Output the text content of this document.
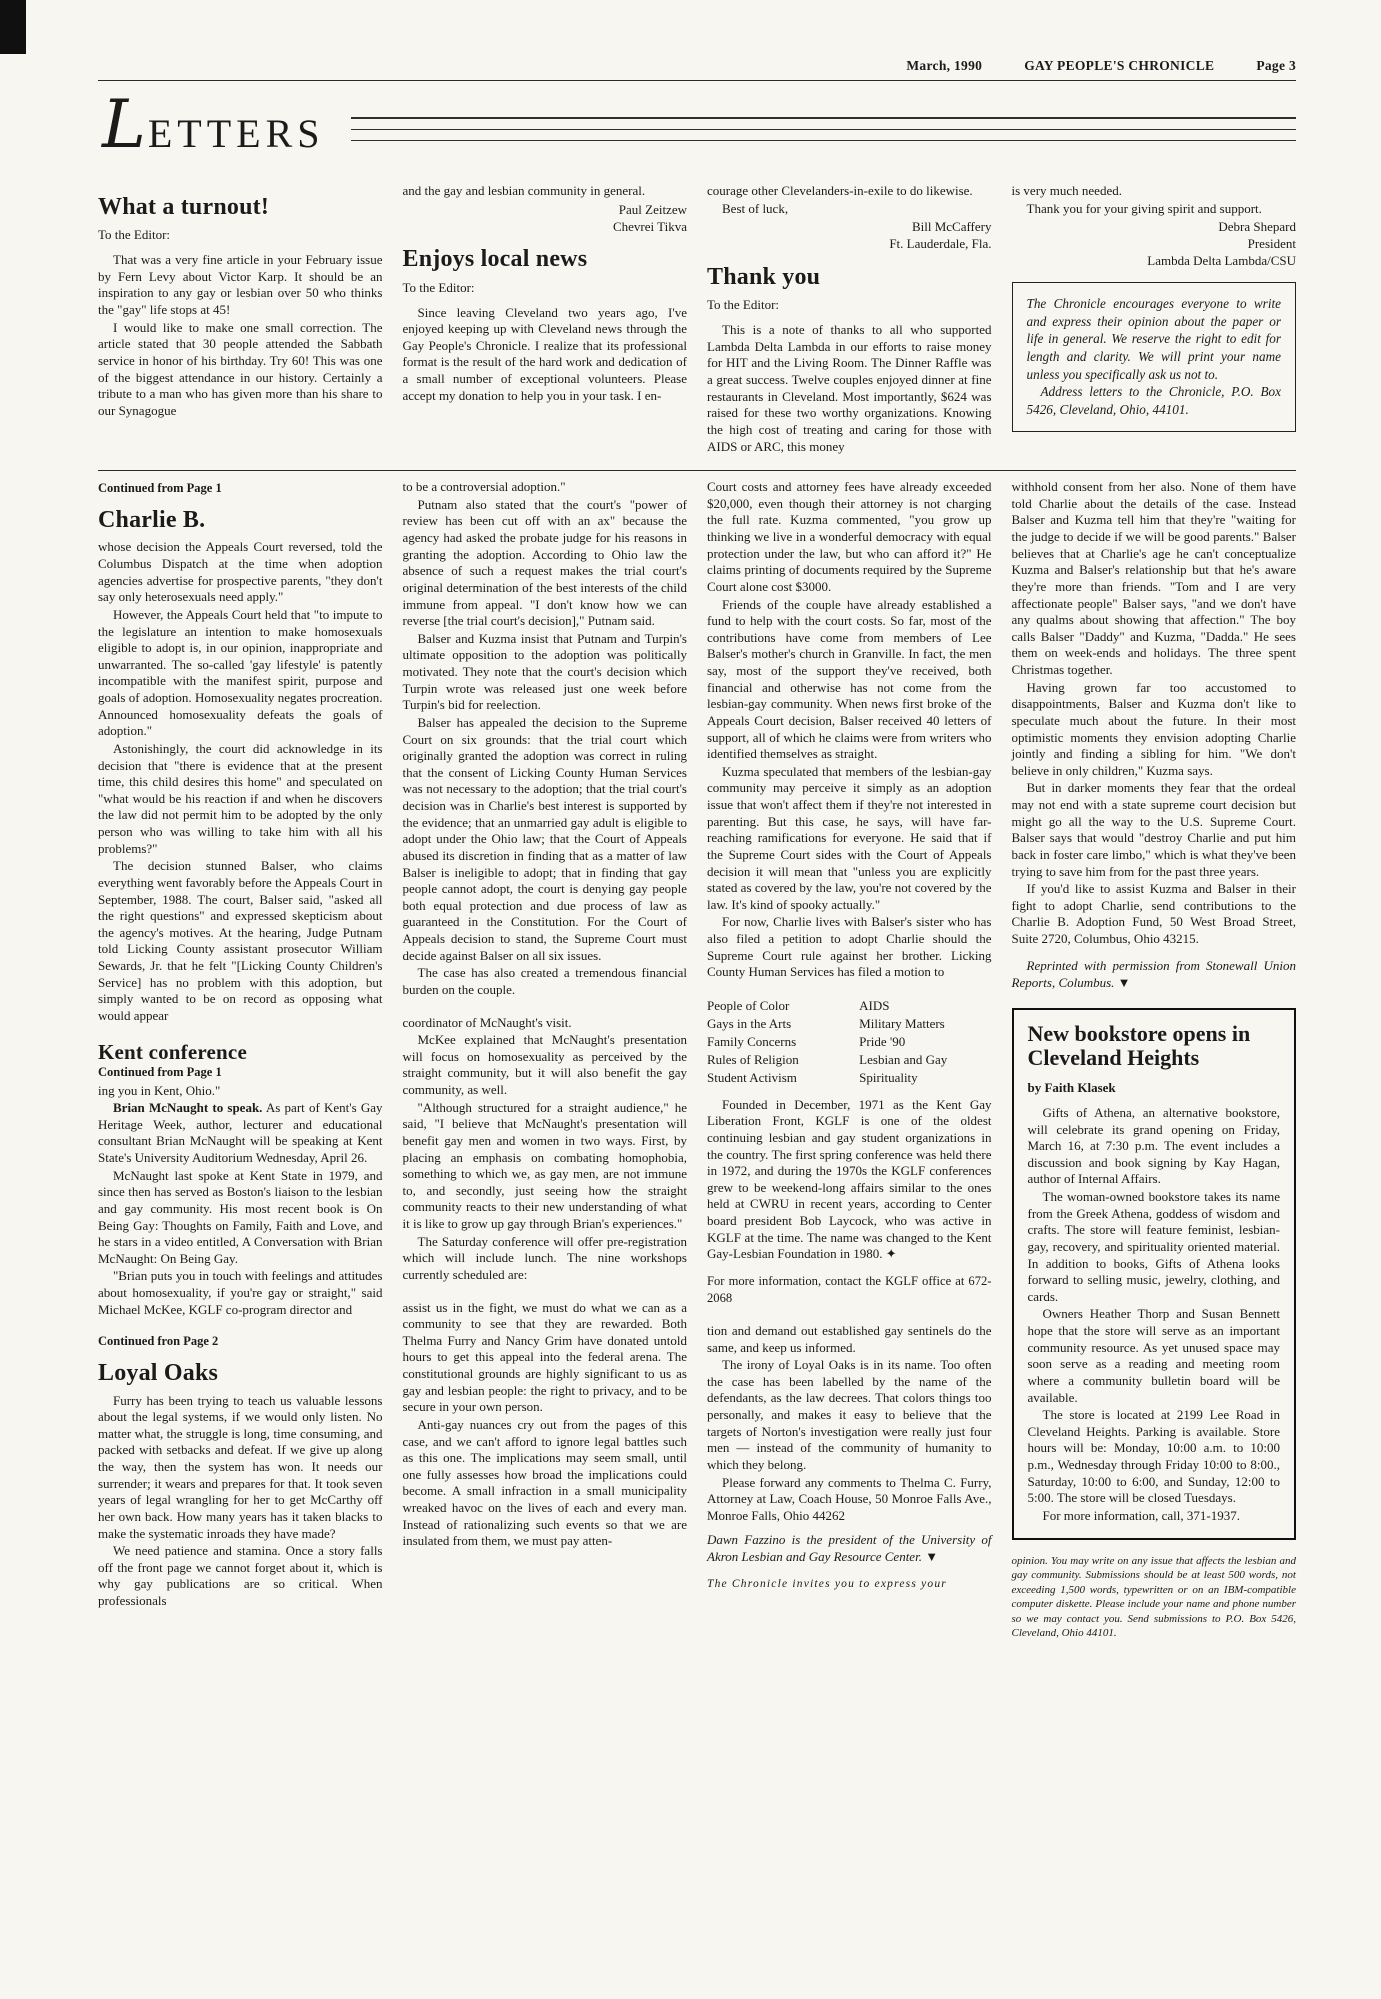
March, 1990	GAY PEOPLE'S CHRONICLE	Page 3
L ETTERS
What a turnout!

To the Editor:

That was a very fine article in your February issue by Fern Levy about Victor Karp. It should be an inspiration to any gay or lesbian over 50 who thinks the "gay" life stops at 45!

I would like to make one small correction. The article stated that 30 people attended the Sabbath service in honor of his birthday. Try 60! This was one of the biggest attendance in our history. Certainly a tribute to a man who has given more than his share to our Synagogue

and the gay and lesbian community in general.

Paul Zeitzew
Chevrei Tikva
Enjoys local news

To the Editor:

Since leaving Cleveland two years ago, I've enjoyed keeping up with Cleveland news through the Gay People's Chronicle. I realize that its professional format is the result of the hard work and dedication of a small number of exceptional volunteers. Please accept my donation to help you in your task. I en-

courage other Clevelanders-in-exile to do likewise.

Best of luck,

Bill McCaffery
Ft. Lauderdale, Fla.
Thank you

To the Editor:

This is a note of thanks to all who supported Lambda Delta Lambda in our efforts to raise money for HIT and the Living Room. The Dinner Raffle was a great success. Twelve couples enjoyed dinner at fine restaurants in Cleveland. Most importantly, $624 was raised for these two worthy organizations. Knowing the high cost of treating and caring for those with AIDS or ARC, this money

is very much needed.

Thank you for your giving spirit and support.

Debra Shepard
President
Lambda Delta Lambda/CSU

The Chronicle encourages everyone to write and express their opinion about the paper or life in general. We reserve the right to edit for length and clarity. We will print your name unless you specifically ask us not to.

Address letters to the Chronicle, P.O. Box 5426, Cleveland, Ohio, 44101.

Continued from Page 1
Charlie B.

whose decision the Appeals Court reversed, told the Columbus Dispatch at the time when adoption agencies advertise for prospective parents, "they don't say only heterosexuals need apply."

However, the Appeals Court held that "to impute to the legislature an intention to make homosexuals eligible to adopt is, in our opinion, inappropriate and unwarranted. The so-called 'gay lifestyle' is patently incompatible with the manifest spirit, purpose and goals of adoption. Homosexuality negates procreation. Announced homosexuality defeats the goals of adoption."

Astonishingly, the court did acknowledge in its decision that "there is evidence that at the present time, this child desires this home" and speculated on "what would be his reaction if and when he discovers the law did not permit him to be adopted by the only person who was willing to take him with all his problems?"

The decision stunned Balser, who claims everything went favorably before the Appeals Court in September, 1988. The court, Balser said, "asked all the right questions" and expressed skepticism about the agency's motives. At the hearing, Judge Putnam told Licking County assistant prosecutor William Sewards, Jr. that he felt "[Licking County Children's Service] has no problem with this adoption, but simply wanted to be on record as opposing what would appear

Kent conference
Continued from Page 1

ing you in Kent, Ohio."

Brian McNaught to speak. As part of Kent's Gay Heritage Week, author, lecturer and educational consultant Brian McNaught will be speaking at Kent State's University Auditorium Wednesday, April 26.

McNaught last spoke at Kent State in 1979, and since then has served as Boston's liaison to the lesbian and gay community. His most recent book is On Being Gay: Thoughts on Family, Faith and Love, and he stars in a video entitled, A Conversation with Brian McNaught: On Being Gay.

"Brian puts you in touch with feelings and attitudes about homosexuality, if you're gay or straight," said Michael McKee, KGLF co-program director and

Continued fron Page 2
Loyal Oaks

Furry has been trying to teach us valuable lessons about the legal systems, if we would only listen. No matter what, the struggle is long, time consuming, and packed with setbacks and defeat. If we give up along the way, then the system has won. It needs our surrender; it wears and prepares for that. It took seven years of legal wrangling for her to get McCarthy off her own back. How many years has it taken blacks to make the systematic inroads they have made?

We need patience and stamina. Once a story falls off the front page we cannot forget about it, which is why gay publications are so critical. When professionals

to be a controversial adoption."

Putnam also stated that the court's "power of review has been cut off with an ax" because the agency had asked the probate judge for his reasons in granting the adoption. According to Ohio law the absence of such a request makes the trial court's original determination of the best interests of the child immune from appeal. "I don't know how we can reverse [the trial court's decision]," Putnam said.

Balser and Kuzma insist that Putnam and Turpin's ultimate opposition to the adoption was politically motivated. They note that the court's decision which Turpin wrote was released just one week before Turpin's bid for reelection.

Balser has appealed the decision to the Supreme Court on six grounds: that the trial court which originally granted the adoption was correct in ruling that the consent of Licking County Human Services was not necessary to the adoption; that the trial court's decision was in Charlie's best interest is supported by the evidence; that an unmarried gay adult is eligible to adopt under the Ohio law; that the Court of Appeals abused its discretion in finding that as a matter of law Balser is ineligible to adopt; that in finding that gay people cannot adopt, the court is denying gay people both equal protection and due process of law as guaranteed in the Constitution. For the Court of Appeals decision to stand, the Supreme Court must decide against Balser on all six issues.

The case has also created a tremendous financial burden on the couple.

coordinator of McNaught's visit.

McKee explained that McNaught's presentation will focus on homosexuality as perceived by the straight community, but it will also benefit the gay community, as well.

"Although structured for a straight audience," he said, "I believe that McNaught's presentation will benefit gay men and women in two ways. First, by placing an emphasis on combating homophobia, something to which we, as gay men, are not immune to, and secondly, just seeing how the straight community reacts to their new understanding of what it is like to grow up gay through Brian's experiences."

The Saturday conference will offer pre-registration which will include lunch. The nine workshops currently scheduled are:

assist us in the fight, we must do what we can as a community to see that they are rewarded. Both Thelma Furry and Nancy Grim have donated untold hours to get this appeal into the federal arena. The constitutional grounds are highly significant to us as gay and lesbian people: the right to privacy, and to be secure in your own person.

Anti-gay nuances cry out from the pages of this case, and we can't afford to ignore legal battles such as this one. The implications may seem small, until one fully assesses how broad the implications could become. A small infraction in a small municipality wreaked havoc on the lives of each and every man. Instead of rationalizing such events so that we are insulated from them, we must pay atten-

Court costs and attorney fees have already exceeded $20,000, even though their attorney is not charging the full rate. Kuzma commented, "you grow up thinking we live in a wonderful democracy with equal protection under the law, but who can afford it?" He claims printing of documents required by the Supreme Court alone cost $3000.

Friends of the couple have already established a fund to help with the court costs. So far, most of the contributions have come from members of Lee Balser's mother's church in Granville. In fact, the men say, most of the support they've received, both financial and otherwise has not come from the lesbian-gay community. When news first broke of the Appeals Court decision, Balser received 40 letters of support, all of which he claims were from writers who identified themselves as straight.

Kuzma speculated that members of the lesbian-gay community may perceive it simply as an adoption issue that won't affect them if they're not interested in parenting. But this case, he says, will have far-reaching ramifications for everyone. He said that if the Supreme Court sides with the Court of Appeals decision it will mean that "unless you are explicitly stated as covered by the law, you're not covered by the law. It's kind of spooky actually."

For now, Charlie lives with Balser's sister who has also filed a petition to adopt Charlie should the Supreme Court rule against her brother. Licking County Human Services has filed a motion to

People of Color	AIDS
Gays in the Arts	Military Matters
Family Concerns	Pride '90
Rules of Religion	Lesbian and Gay
Student Activism	Spirituality

Founded in December, 1971 as the Kent Gay Liberation Front, KGLF is one of the oldest continuing lesbian and gay student organizations in the country. The first spring conference was held there in 1972, and during the 1970s the KGLF conferences grew to be weekend-long affairs similar to the ones held at CWRU in recent years, according to Center board president Bob Laycock, who was active in KGLF at the time. The name was changed to the Kent Gay-Lesbian Foundation in 1980. ✦

For more information, contact the KGLF office at 672-2068

tion and demand out established gay sentinels do the same, and keep us informed.

The irony of Loyal Oaks is in its name. Too often the case has been labelled by the name of the defendants, as the law decrees. That colors things too personally, and makes it easy to believe that the targets of Norton's investigation were really just four men — instead of the community of humanity to which they belong.

Please forward any comments to Thelma C. Furry, Attorney at Law, Coach House, 50 Monroe Falls Ave., Monroe Falls, Ohio 44262

Dawn Fazzino is the president of the University of Akron Lesbian and Gay Resource Center. ▼

The Chronicle invites you to express your

withhold consent from her also. None of them have told Charlie about the details of the case. Instead Balser and Kuzma tell him that they're "waiting for the judge to decide if we will be good parents." Balser believes that at Charlie's age he can't conceptualize Kuzma and Balser's relationship but that he's aware they're more than friends. "Tom and I are very affectionate people" Balser says, "and we don't have any qualms about showing that affection." The boy calls Balser "Daddy" and Kuzma, "Dadda." He sees them on week-ends and holidays. The three spent Christmas together.

Having grown far too accustomed to disappointments, Balser and Kuzma don't like to speculate much about the future. In their most optimistic moments they envision adopting Charlie jointly and finding a sibling for him. "We don't believe in only children," Kuzma says.

But in darker moments they fear that the ordeal may not end with a state supreme court decision but might go all the way to the U.S. Supreme Court. Balser says that would "destroy Charlie and put him back in foster care limbo," which is what they've been trying to save him from for the past three years.

If you'd like to assist Kuzma and Balser in their fight to adopt Charlie, send contributions to the Charlie B. Adoption Fund, 50 West Broad Street, Suite 2720, Columbus, Ohio 43215.

Reprinted with permission from Stonewall Union Reports, Columbus. ▼

New bookstore opens in Cleveland Heights
by Faith Klasek

Gifts of Athena, an alternative bookstore, will celebrate its grand opening on Friday, March 16, at 7:30 p.m. The event includes a discussion and book signing by Kay Hagan, author of Internal Affairs.

The woman-owned bookstore takes its name from the Greek Athena, goddess of wisdom and crafts. The store will feature feminist, lesbian-gay, recovery, and spirituality oriented material. In addition to books, Gifts of Athena looks forward to selling music, jewelry, clothing, and cards.

Owners Heather Thorp and Susan Bennett hope that the store will serve as an important community resource. As yet unused space may soon serve as a reading and meeting room where a community bulletin board will be available.

The store is located at 2199 Lee Road in Cleveland Heights. Parking is available. Store hours will be: Monday, 10:00 a.m. to 10:00 p.m., Wednesday through Friday 10:00 to 8:00., Saturday, 10:00 to 6:00, and Sunday, 12:00 to 5:00. The store will be closed Tuesdays.

For more information, call, 371-1937.

opinion. You may write on any issue that affects the lesbian and gay community. Submissions should be at least 500 words, not exceeding 1,500 words, typewritten or on an IBM-compatible computer diskette. Please include your name and phone number so we may contact you. Send submissions to P.O. Box 5426, Cleveland, Ohio 44101.
